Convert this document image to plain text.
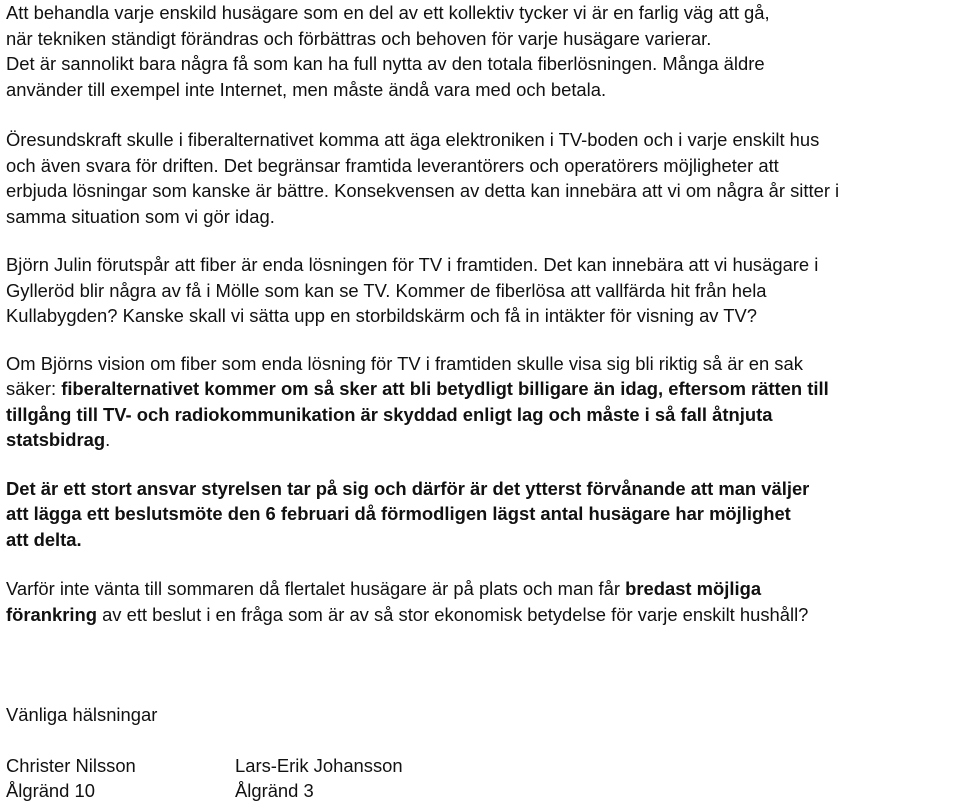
Att behandla varje enskild husägare som en del av ett kollektiv tycker vi är en farlig väg att gå,
när tekniken ständigt förändras och förbättras och behoven för varje husägare varierar.
Det är sannolikt bara några få som kan ha full nytta av den totala fiberlösningen. Många äldre
använder till exempel inte Internet, men måste ändå vara med och betala.
Öresundskraft skulle i fiberalternativet komma att äga elektroniken i TV-boden och i varje enskilt hus
och även svara för driften. Det begränsar framtida leverantörers och operatörers möjligheter att
erbjuda lösningar som kanske är bättre. Konsekvensen av detta kan innebära att vi om några år sitter i
samma situation som vi gör idag.
Björn Julin förutspår att fiber är enda lösningen för TV i framtiden. Det kan innebära att vi husägare i
Gylleröd blir några av få i Mölle som kan se TV. Kommer de fiberlösa att vallfärda hit från hela
Kullabygden? Kanske skall vi sätta upp en storbildskärm och få in intäkter för visning av TV?
Om Björns vision om fiber som enda lösning för TV i framtiden skulle visa sig bli riktig så är en sak
säker: fiberalternativet kommer om så sker att bli betydligt billigare än idag, eftersom rätten till
tillgång till TV- och radiokommunikation är skyddad enligt lag och måste i så fall åtnjuta
statsbidrag.
Det är ett stort ansvar styrelsen tar på sig och därför är det ytterst förvånande att man väljer
att lägga ett beslutsmöte den 6 februari då förmodligen lägst antal husägare har möjlighet
att delta.
Varför inte vänta till sommaren då flertalet husägare är på plats och man får bredast möjliga
förankring av ett beslut i en fråga som är av så stor ekonomisk betydelse för varje enskilt hushåll?
Vänliga hälsningar
Christer Nilsson
Ålgränd 10
Lars-Erik Johansson
Ålgränd 3
